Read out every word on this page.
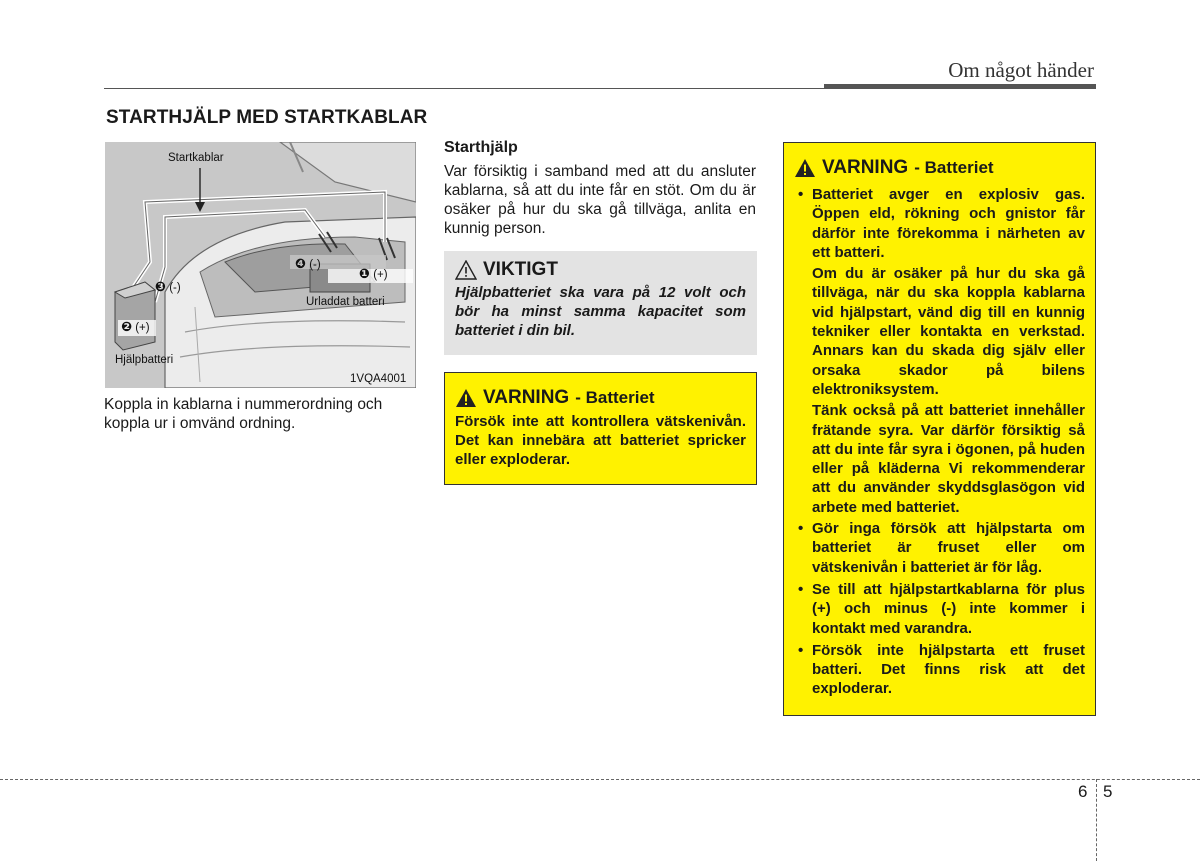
Om något händer
STARTHJÄLP MED STARTKABLAR
Startkablar
Urladdat batteri
Hjälpbatteri
1VQA4001
❹ (-)
❶ (+)
❸ (-)
❷ (+)
Koppla in kablarna i nummerordning och koppla ur i omvänd ordning.
Starthjälp
Var försiktig i samband med att du ansluter kablarna, så att du inte får en stöt. Om du är osäker på hur du ska gå tillväga, anlita en kunnig person.
VIKTIGT
Hjälpbatteriet ska vara på 12 volt och bör ha minst samma kapacitet som batteriet i din bil.
VARNING - Batteriet
Försök inte att kontrollera vätskenivån. Det kan innebära att batteriet spricker eller exploderar.
VARNING - Batteriet
• Batteriet avger en explosiv gas. Öppen eld, rökning och gnistor får därför inte förekomma i närheten av ett batteri.

Om du är osäker på hur du ska gå tillväga, när du ska koppla kablarna vid hjälpstart, vänd dig till en kunnig tekniker eller kontakta en verkstad. Annars kan du skada dig själv eller orsaka skador på bilens elektroniksystem.

Tänk också på att batteriet innehåller frätande syra. Var därför försiktig så att du inte får syra i ögonen, på huden eller på kläderna Vi rekommenderar att du använder skyddsglasögon vid arbete med batteriet.

• Gör inga försök att hjälpstarta om batteriet är fruset eller om vätskenivån i batteriet är för låg.
• Se till att hjälpstartkablarna för plus (+) och minus (-) inte kommer i kontakt med varandra.
• Försök inte hjälpstarta ett fruset batteri. Det finns risk att det exploderar.
6 5
